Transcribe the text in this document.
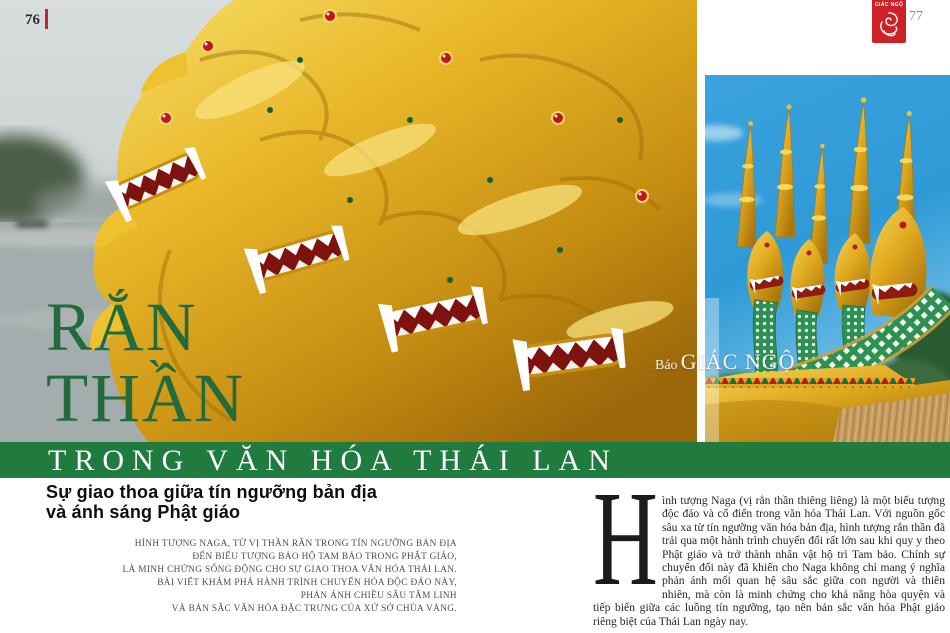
TRONG VĂN HÓA THÁI LAN
RẮN
THẦN
76	77
GIÁC NGỘ
Báo GIÁC NGỘ
Sự giao thoa giữa tín ngưỡng bản địa
và ánh sáng Phật giáo
HÌNH TƯỢNG NAGA, TỪ VỊ THẦN RẮN TRONG TÍN NGƯỠNG BẢN ĐỊA
ĐẾN BIỂU TƯỢNG BẢO HỘ TAM BẢO TRONG PHẬT GIÁO,
LÀ MINH CHỨNG SỐNG ĐỘNG CHO SỰ GIAO THOA VĂN HÓA THÁI LAN.
BÀI VIẾT KHÁM PHÁ HÀNH TRÌNH CHUYỂN HÓA ĐỘC ĐÁO NÀY,
PHẢN ÁNH CHIỀU SÂU TÂM LINH
VÀ BẢN SẮC VĂN HÓA ĐẶC TRƯNG CỦA XỨ SỞ CHÙA VÀNG. H ình tượng Naga (vị rắn thần thiêng liêng) là một biểu tượng độc đáo và cổ điển trong văn hóa Thái Lan. Với nguồn gốc sâu xa từ tín ngưỡng văn hóa bản địa, hình tượng rắn thần đã trải qua một hành trình chuyển đổi rất lớn sau khi quy y theo Phật giáo và trở thành nhân vật hộ trì Tam bảo. Chính sự chuyển đổi này đã khiến cho Naga không chỉ mang ý nghĩa phản ánh mối quan hệ sâu sắc giữa con người và thiên nhiên, mà còn là minh chứng cho khả năng hòa quyện và tiếp biến giữa các luồng tín ngưỡng, tạo nên bản sắc văn hóa Phật giáo riêng biệt của Thái Lan ngày nay.
